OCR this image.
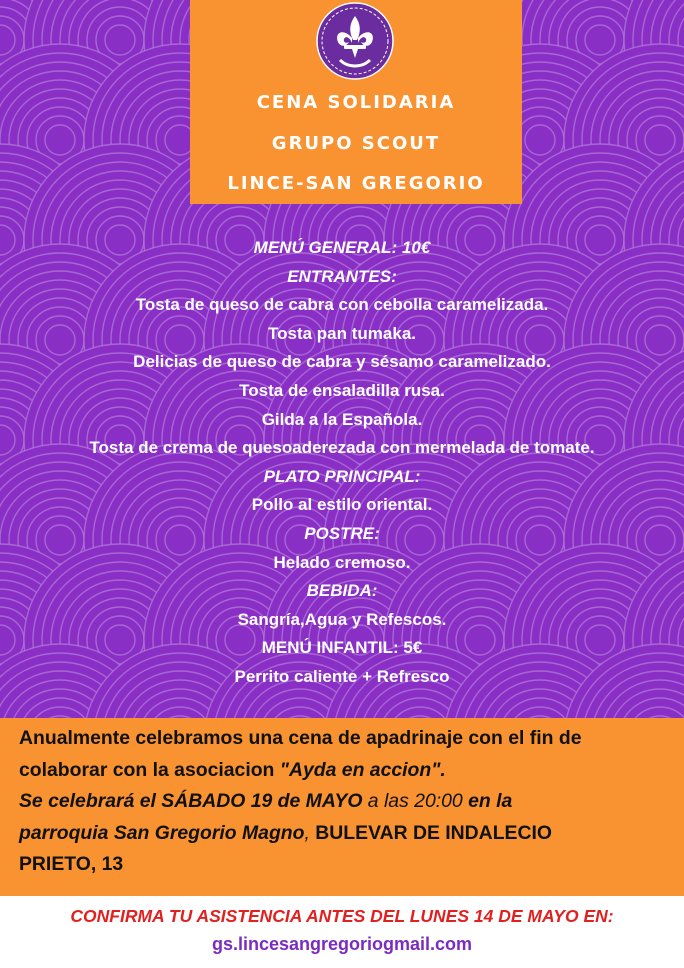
CENA SOLIDARIA
GRUPO SCOUT
LINCE-SAN GREGORIO
MENÚ GENERAL: 10€
ENTRANTES:
Tosta de queso de cabra con cebolla caramelizada.
Tosta pan tumaka.
Delicias de queso de cabra y sésamo caramelizado.
Tosta de ensaladilla rusa.
Gilda a la Española.
Tosta de crema de quesoaderezada con mermelada de tomate.
PLATO PRINCIPAL:
Pollo al estilo oriental.
POSTRE:
Helado cremoso.
BEBIDA:
Sangría,Agua y Refescos.
MENÚ INFANTIL: 5€
Perrito caliente + Refresco
Anualmente celebramos una cena de apadrinaje con el fin de
colaborar con la asociacion "Ayda en accion".
Se celebrará el SÁBADO 19 de MAYO a las 20:00 en la
parroquia San Gregorio Magno, BULEVAR DE INDALECIO
PRIETO, 13
CONFIRMA TU ASISTENCIA ANTES DEL LUNES 14 DE MAYO EN:
gs.lincesangregoriogmail.com
